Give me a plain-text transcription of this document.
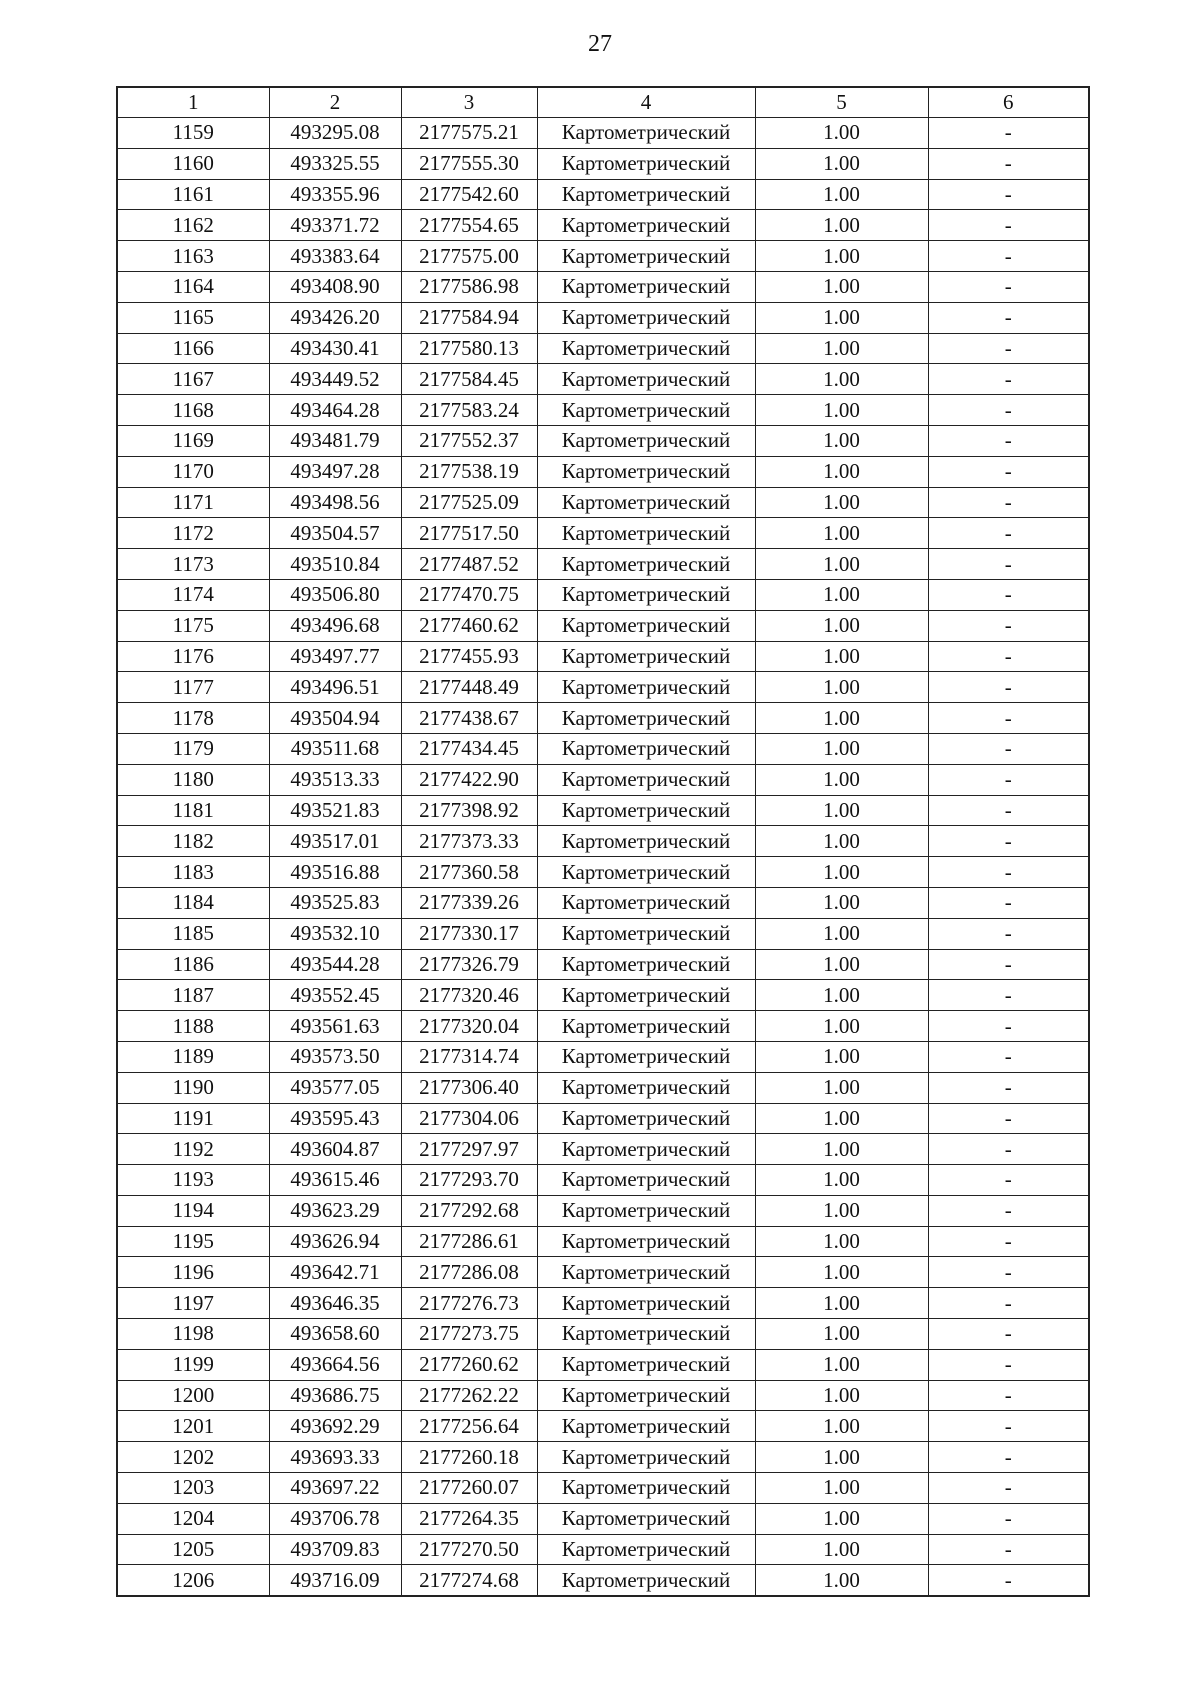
27
1	2	3	4	5	6
1159	493295.08	2177575.21	Картометрический	1.00	-
1160	493325.55	2177555.30	Картометрический	1.00	-
1161	493355.96	2177542.60	Картометрический	1.00	-
1162	493371.72	2177554.65	Картометрический	1.00	-
1163	493383.64	2177575.00	Картометрический	1.00	-
1164	493408.90	2177586.98	Картометрический	1.00	-
1165	493426.20	2177584.94	Картометрический	1.00	-
1166	493430.41	2177580.13	Картометрический	1.00	-
1167	493449.52	2177584.45	Картометрический	1.00	-
1168	493464.28	2177583.24	Картометрический	1.00	-
1169	493481.79	2177552.37	Картометрический	1.00	-
1170	493497.28	2177538.19	Картометрический	1.00	-
1171	493498.56	2177525.09	Картометрический	1.00	-
1172	493504.57	2177517.50	Картометрический	1.00	-
1173	493510.84	2177487.52	Картометрический	1.00	-
1174	493506.80	2177470.75	Картометрический	1.00	-
1175	493496.68	2177460.62	Картометрический	1.00	-
1176	493497.77	2177455.93	Картометрический	1.00	-
1177	493496.51	2177448.49	Картометрический	1.00	-
1178	493504.94	2177438.67	Картометрический	1.00	-
1179	493511.68	2177434.45	Картометрический	1.00	-
1180	493513.33	2177422.90	Картометрический	1.00	-
1181	493521.83	2177398.92	Картометрический	1.00	-
1182	493517.01	2177373.33	Картометрический	1.00	-
1183	493516.88	2177360.58	Картометрический	1.00	-
1184	493525.83	2177339.26	Картометрический	1.00	-
1185	493532.10	2177330.17	Картометрический	1.00	-
1186	493544.28	2177326.79	Картометрический	1.00	-
1187	493552.45	2177320.46	Картометрический	1.00	-
1188	493561.63	2177320.04	Картометрический	1.00	-
1189	493573.50	2177314.74	Картометрический	1.00	-
1190	493577.05	2177306.40	Картометрический	1.00	-
1191	493595.43	2177304.06	Картометрический	1.00	-
1192	493604.87	2177297.97	Картометрический	1.00	-
1193	493615.46	2177293.70	Картометрический	1.00	-
1194	493623.29	2177292.68	Картометрический	1.00	-
1195	493626.94	2177286.61	Картометрический	1.00	-
1196	493642.71	2177286.08	Картометрический	1.00	-
1197	493646.35	2177276.73	Картометрический	1.00	-
1198	493658.60	2177273.75	Картометрический	1.00	-
1199	493664.56	2177260.62	Картометрический	1.00	-
1200	493686.75	2177262.22	Картометрический	1.00	-
1201	493692.29	2177256.64	Картометрический	1.00	-
1202	493693.33	2177260.18	Картометрический	1.00	-
1203	493697.22	2177260.07	Картометрический	1.00	-
1204	493706.78	2177264.35	Картометрический	1.00	-
1205	493709.83	2177270.50	Картометрический	1.00	-
1206	493716.09	2177274.68	Картометрический	1.00	-
